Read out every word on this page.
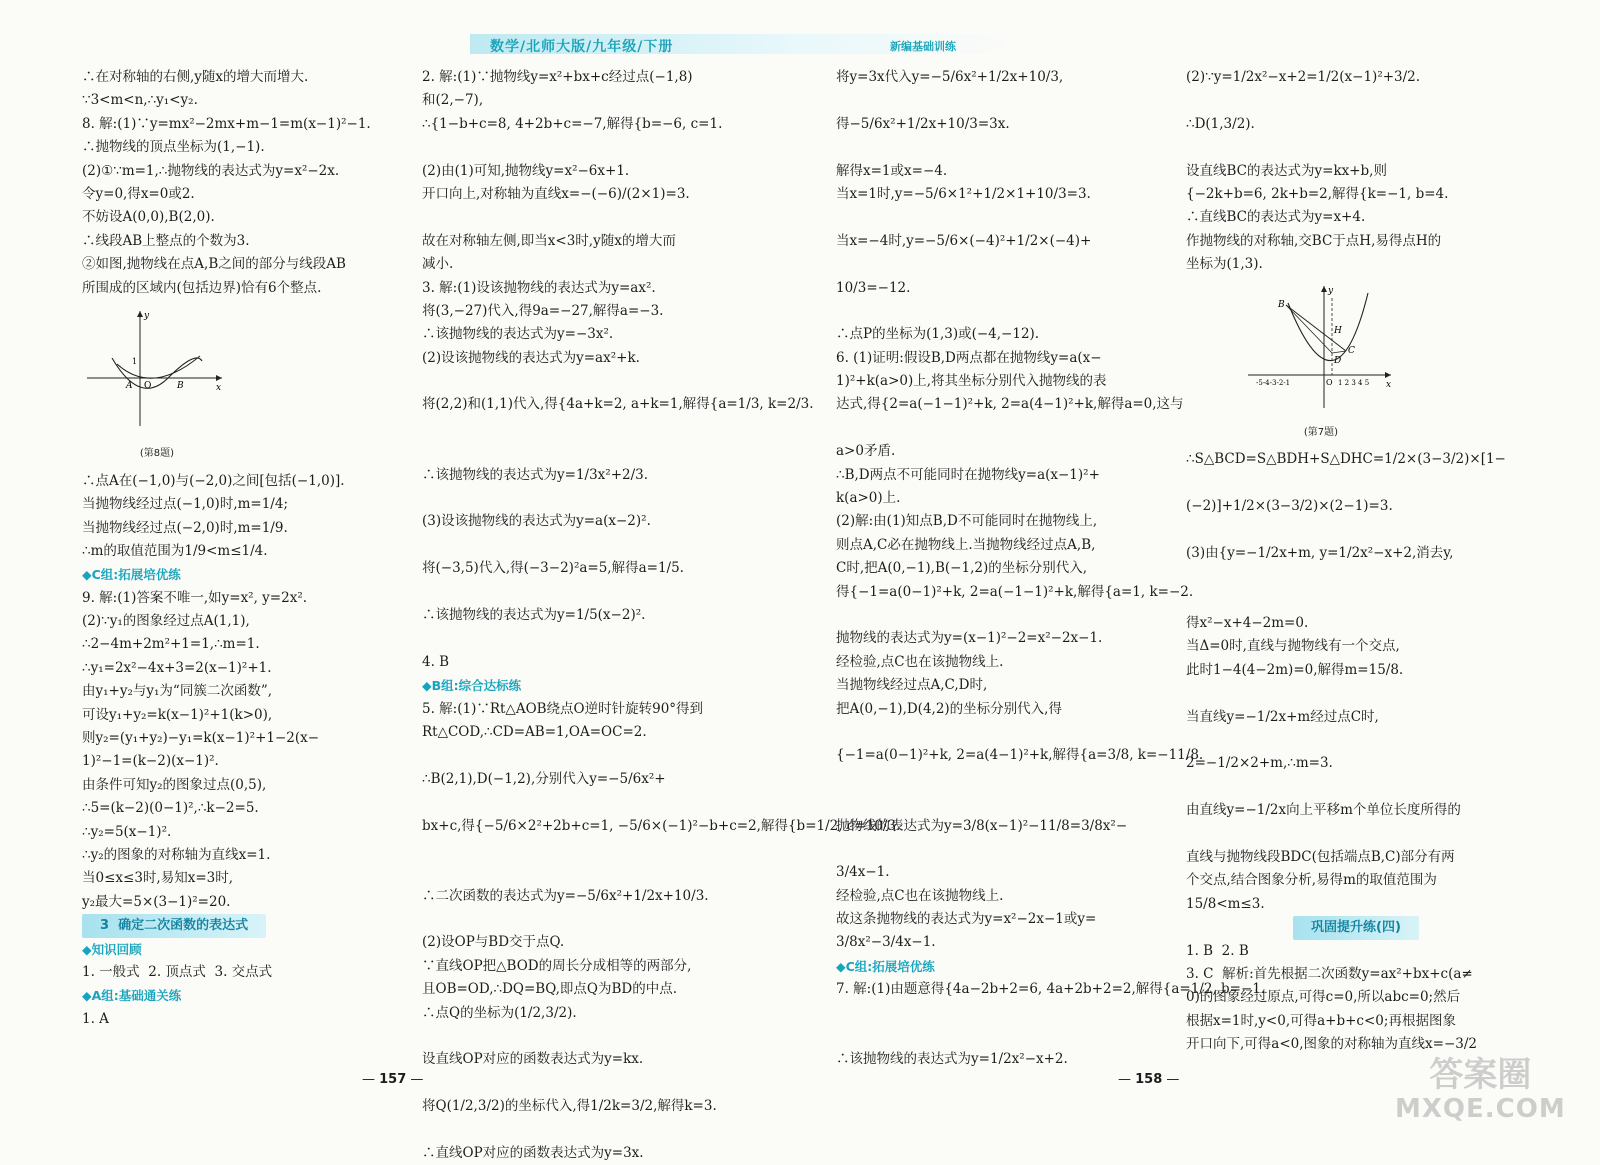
数学/北师大版/九年级/下册	新编基础训练
∴在对称轴的右侧,y随x的增大而增大.
∵3<m<n,∴y₁<y₂.
8. 解:(1)∵y=mx²−2mx+m−1=m(x−1)²−1.
∴抛物线的顶点坐标为(1,−1).
(2)①∵m=1,∴抛物线的表达式为y=x²−2x.
令y=0,得x=0或2.
不妨设A(0,0),B(2,0).
∴线段AB上整点的个数为3.
②如图,抛物线在点A,B之间的部分与线段AB
所围成的区域内(包括边界)恰有6个整点.
A O	B	x
y
1
(第8题)
∴点A在(−1,0)与(−2,0)之间[包括(−1,0)].
当抛物线经过点(−1,0)时,m=1/4;
当抛物线经过点(−2,0)时,m=1/9.
∴m的取值范围为1/9<m≤1/4.
◆C组:拓展培优练
9. 解:(1)答案不唯一,如y=x², y=2x².
(2)∵y₁的图象经过点A(1,1),
∴2−4m+2m²+1=1,∴m=1.
∴y₁=2x²−4x+3=2(x−1)²+1.
由y₁+y₂与y₁为“同簇二次函数”,
可设y₁+y₂=k(x−1)²+1(k>0),
则y₂=(y₁+y₂)−y₁=k(x−1)²+1−2(x−
1)²−1=(k−2)(x−1)².
由条件可知y₂的图象过点(0,5),
∴5=(k−2)(0−1)²,∴k−2=5.
∴y₂=5(x−1)².
∴y₂的图象的对称轴为直线x=1.
当0≤x≤3时,易知x=3时,
y₂最大=5×(3−1)²=20.
3  确定二次函数的表达式
◆知识回顾
1. 一般式  2. 顶点式  3. 交点式
◆A组:基础通关练
1. A
2. 解:(1)∵抛物线y=x²+bx+c经过点(−1,8)
和(2,−7),
∴{1−b+c=8, 4+2b+c=−7,解得{b=−6, c=1.
(2)由(1)可知,抛物线y=x²−6x+1.
开口向上,对称轴为直线x=−(−6)/(2×1)=3.
故在对称轴左侧,即当x<3时,y随x的增大而
减小.
3. 解:(1)设该抛物线的表达式为y=ax².
将(3,−27)代入,得9a=−27,解得a=−3.
∴该抛物线的表达式为y=−3x².
(2)设该抛物线的表达式为y=ax²+k.
将(2,2)和(1,1)代入,得{4a+k=2, a+k=1,解得{a=1/3, k=2/3.
∴该抛物线的表达式为y=1/3x²+2/3.
(3)设该抛物线的表达式为y=a(x−2)².
将(−3,5)代入,得(−3−2)²a=5,解得a=1/5.
∴该抛物线的表达式为y=1/5(x−2)².
4. B
◆B组:综合达标练
5. 解:(1)∵Rt△AOB绕点O逆时针旋转90°得到
Rt△COD,∴CD=AB=1,OA=OC=2.
∴B(2,1),D(−1,2),分别代入y=−5/6x²+
bx+c,得{−5/6×2²+2b+c=1, −5/6×(−1)²−b+c=2,解得{b=1/2, c=10/3.
∴二次函数的表达式为y=−5/6x²+1/2x+10/3.
(2)设OP与BD交于点Q.
∵直线OP把△BOD的周长分成相等的两部分,
且OB=OD,∴DQ=BQ,即点Q为BD的中点.
∴点Q的坐标为(1/2,3/2).
设直线OP对应的函数表达式为y=kx.
将Q(1/2,3/2)的坐标代入,得1/2k=3/2,解得k=3.
∴直线OP对应的函数表达式为y=3x.
将y=3x代入y=−5/6x²+1/2x+10/3,
得−5/6x²+1/2x+10/3=3x.
解得x=1或x=−4.
当x=1时,y=−5/6×1²+1/2×1+10/3=3.
当x=−4时,y=−5/6×(−4)²+1/2×(−4)+
10/3=−12.
∴点P的坐标为(1,3)或(−4,−12).
6. (1)证明:假设B,D两点都在抛物线y=a(x−
1)²+k(a>0)上,将其坐标分别代入抛物线的表
达式,得{2=a(−1−1)²+k, 2=a(4−1)²+k,解得a=0,这与
a>0矛盾.
∴B,D两点不可能同时在抛物线y=a(x−1)²+
k(a>0)上.
(2)解:由(1)知点B,D不可能同时在抛物线上,
则点A,C必在抛物线上.当抛物线经过点A,B,
C时,把A(0,−1),B(−1,2)的坐标分别代入,
得{−1=a(0−1)²+k, 2=a(−1−1)²+k,解得{a=1, k=−2.
抛物线的表达式为y=(x−1)²−2=x²−2x−1.
经检验,点C也在该抛物线上.
当抛物线经过点A,C,D时,
把A(0,−1),D(4,2)的坐标分别代入,得
{−1=a(0−1)²+k, 2=a(4−1)²+k,解得{a=3/8, k=−11/8.
抛物线的表达式为y=3/8(x−1)²−11/8=3/8x²−
3/4x−1.
经检验,点C也在该抛物线上.
故这条抛物线的表达式为y=x²−2x−1或y=
3/8x²−3/4x−1.
◆C组:拓展培优练
7. 解:(1)由题意得{4a−2b+2=6, 4a+2b+2=2,解得{a=1/2, b=−1.
∴该抛物线的表达式为y=1/2x²−x+2.
(2)∵y=1/2x²−x+2=1/2(x−1)²+3/2.
∴D(1,3/2).
设直线BC的表达式为y=kx+b,则
{−2k+b=6, 2k+b=2,解得{k=−1, b=4.
∴直线BC的表达式为y=x+4.
作抛物线的对称轴,交BC于点H,易得点H的
坐标为(1,3).
B
H
C
D
O
y
x
-5-4-3-2-1	1 2 3 4 5
(第7题)
∴S△BCD=S△BDH+S△DHC=1/2×(3−3/2)×[1−
(−2)]+1/2×(3−3/2)×(2−1)=3.
(3)由{y=−1/2x+m, y=1/2x²−x+2,消去y,
得x²−x+4−2m=0.
当Δ=0时,直线与抛物线有一个交点,
此时1−4(4−2m)=0,解得m=15/8.
当直线y=−1/2x+m经过点C时,
2=−1/2×2+m,∴m=3.
由直线y=−1/2x向上平移m个单位长度所得的
直线与抛物线段BDC(包括端点B,C)部分有两
个交点,结合图象分析,易得m的取值范围为
15/8<m≤3.
巩固提升练(四)
1. B  2. B
3. C  解析:首先根据二次函数y=ax²+bx+c(a≠
0)的图象经过原点,可得c=0,所以abc=0;然后
根据x=1时,y<0,可得a+b+c<0;再根据图象
开口向下,可得a<0,图象的对称轴为直线x=−3/2
— 157 —
—	158 —	答案圈
MXQE.COM
